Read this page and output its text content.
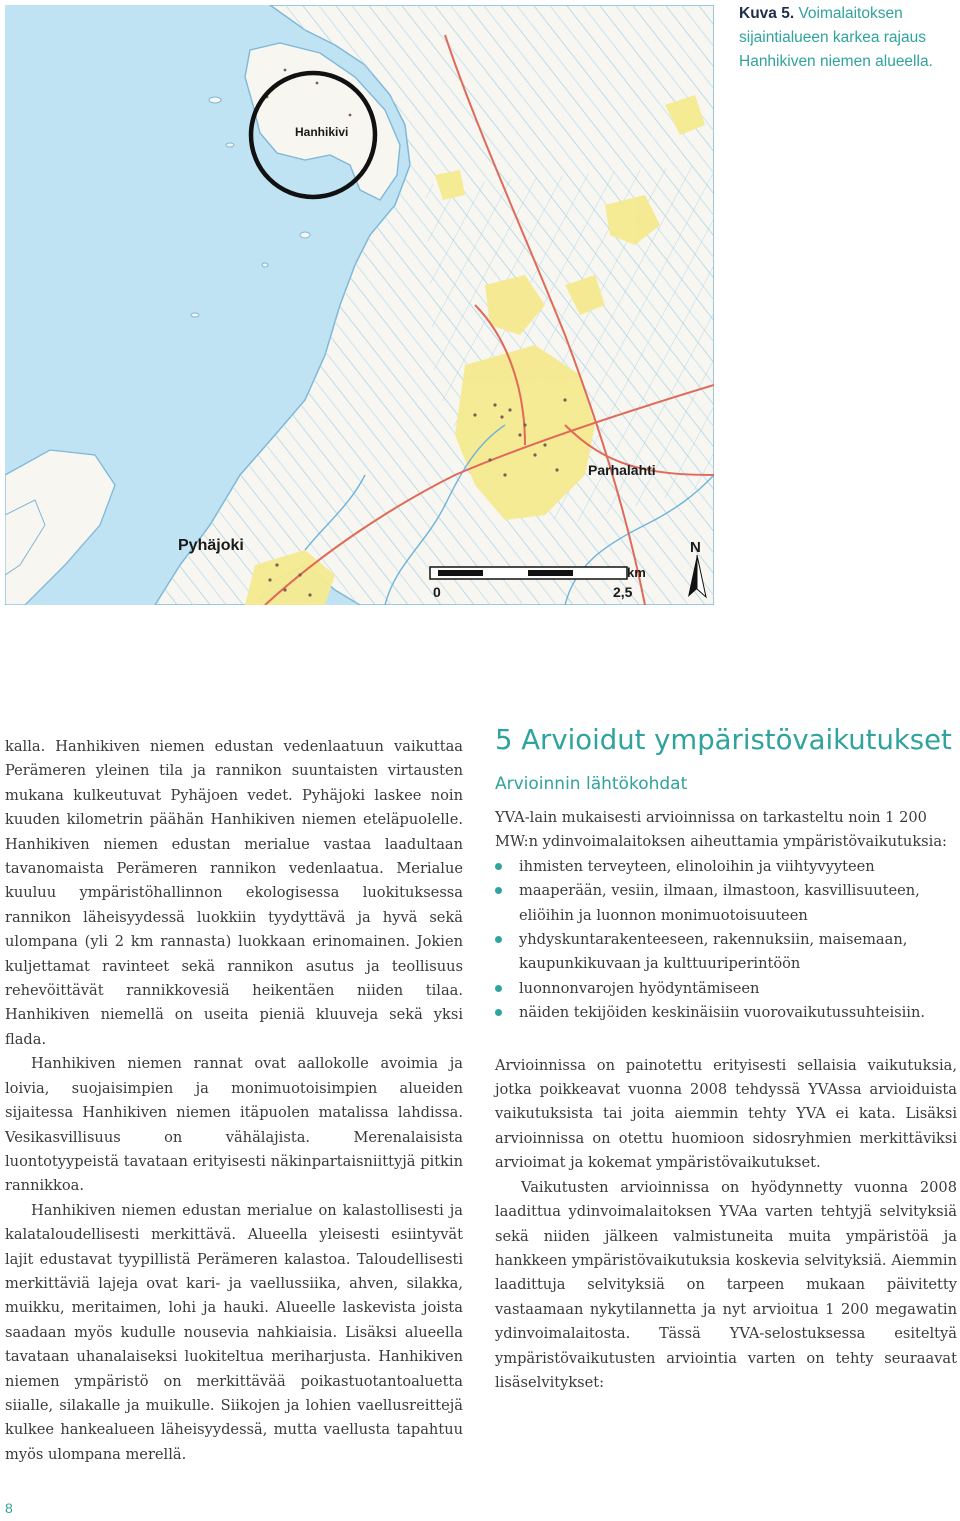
Hanhikivi
Parhalahti
Pyhäjoki
km
0	2,5
N
Kuva 5. Voimalaitoksen sijaintialueen karkea rajaus Hanhikiven niemen alueella.

kalla. Hanhikiven niemen edustan vedenlaatuun vaikuttaa Perämeren yleinen tila ja rannikon suuntaisten virtausten mukana kulkeutuvat Pyhäjoen vedet. Pyhäjoki laskee noin kuuden kilometrin päähän Hanhikiven niemen eteläpuolelle. Hanhikiven niemen edustan merialue vastaa laadultaan tavanomaista Perämeren rannikon vedenlaatua. Merialue kuuluu ympäristöhallinnon ekologisessa luokituksessa rannikon läheisyydessä luokkiin tyydyttävä ja hyvä sekä ulompana (yli 2 km rannasta) luokkaan erinomainen. Jokien kuljettamat ravinteet sekä rannikon asutus ja teollisuus rehevöittävät rannikkovesiä heikentäen niiden tilaa. Hanhikiven niemellä on useita pieniä kluuveja sekä yksi flada.

Hanhikiven niemen rannat ovat aallokolle avoimia ja loivia, suojaisimpien ja monimuotoisimpien alueiden sijaitessa Hanhikiven niemen itäpuolen matalissa lahdissa. Vesikasvillisuus on vähälajista. Merenalaisista luontotyypeistä tavataan erityisesti näkinpartaisniittyjä pitkin rannikkoa.

Hanhikiven niemen edustan merialue on kalastollisesti ja kalataloudellisesti merkittävä. Alueella yleisesti esiintyvät lajit edustavat tyypillistä Perämeren kalastoa. Taloudellisesti merkittäviä lajeja ovat kari- ja vaellussiika, ahven, silakka, muikku, meritaimen, lohi ja hauki. Alueelle laskevista joista saadaan myös kudulle nousevia nahkiaisia. Lisäksi alueella tavataan uhanalaiseksi luokiteltua meriharjusta. Hanhikiven niemen ympäristö on merkittävää poikastuotantoaluetta siialle, silakalle ja muikulle. Siikojen ja lohien vaellusreittejä kulkee hankealueen läheisyydessä, mutta vaellusta tapahtuu myös ulompana merellä.

5 Arvioidut ympäristövaikutukset
Arvioinnin lähtökohdat

YVA-lain mukaisesti arvioinnissa on tarkasteltu noin 1 200 MW:n ydinvoimalaitoksen aiheuttamia ympäristövaikutuksia:

ihmisten terveyteen, elinoloihin ja viihtyvyyteen
maaperään, vesiin, ilmaan, ilmastoon, kasvillisuuteen, eliöihin ja luonnon monimuotoisuuteen
yhdyskuntarakenteeseen, rakennuksiin, maisemaan, kaupunkikuvaan ja kulttuuriperintöön
luonnonvarojen hyödyntämiseen
näiden tekijöiden keskinäisiin vuorovaikutussuhteisiin.

Arvioinnissa on painotettu erityisesti sellaisia vaikutuksia, jotka poikkeavat vuonna 2008 tehdyssä YVAssa arvioiduista vaikutuksista tai joita aiemmin tehty YVA ei kata. Lisäksi arvioinnissa on otettu huomioon sidosryhmien merkittäviksi arvioimat ja kokemat ympäristövaikutukset.

Vaikutusten arvioinnissa on hyödynnetty vuonna 2008 laadittua ydinvoimalaitoksen YVAa varten tehtyjä selvityksiä sekä niiden jälkeen valmistuneita muita ympäristöä ja hankkeen ympäristövaikutuksia koskevia selvityksiä. Aiemmin laadittuja selvityksiä on tarpeen mukaan päivitetty vastaamaan nykytilannetta ja nyt arvioitua 1 200 megawatin ydinvoimalaitosta. Tässä YVA-selostuksessa esiteltyä ympäristövaikutusten arviointia varten on tehty seuraavat lisäselvitykset:

8
